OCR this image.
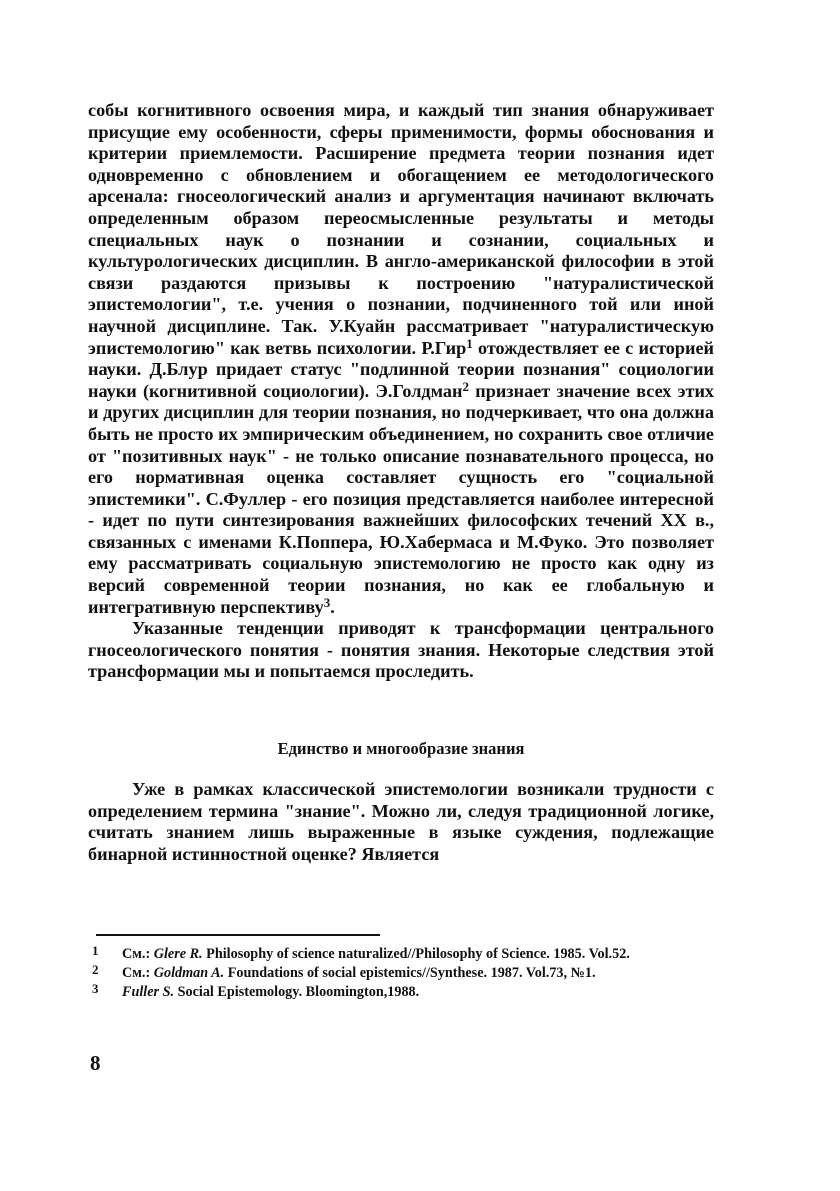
собы когнитивного освоения мира, и каждый тип знания обнаруживает присущие ему особенности, сферы применимости, формы обоснования и критерии приемлемости. Расширение предмета теории познания идет одновременно с обновлением и обогащением ее методологического арсенала: гносеологический анализ и аргументация начинают включать определенным образом переосмысленные результаты и методы специальных наук о познании и сознании, социальных и культурологических дисциплин. В англо-американской философии в этой связи раздаются призывы к построению "натуралистической эпистемологии", т.е. учения о познании, подчиненного той или иной научной дисциплине. Так. У.Куайн рассматривает "натуралистическую эпистемологию" как ветвь психологии. Р.Гир$^1$ отождествляет ее с историей науки. Д.Блур придает статус "подлинной теории познания" социологии науки (когнитивной социологии). Э.Голдман$^2$ признает значение всех этих и других дисциплин для теории познания, но подчеркивает, что она должна быть не просто их эмпирическим объединением, но сохранить свое отличие от "позитивных наук" - не только описание познавательного процесса, но его нормативная оценка составляет сущность его "социальной эпистемики". С.Фуллер - его позиция представляется наиболее интересной - идет по пути синтезирования важнейших философских течений XX в., связанных с именами К.Поппера, Ю.Хабермаса и М.Фуко. Это позволяет ему рассматривать социальную эпистемологию не просто как одну из версий современной теории познания, но как ее глобальную и интегративную перспективу$^3$.

Указанные тенденции приводят к трансформации центрального гносеологического понятия - понятия знания. Некоторые следствия этой трансформации мы и попытаемся проследить.

Единство и многообразие знания

Уже в рамках классической эпистемологии возникали трудности с определением термина "знание". Можно ли, следуя традиционной логике, считать знанием лишь выраженные в языке суждения, подлежащие бинарной истинностной оценке? Является

1	См.: Glere R. Philosophy of science naturalized//Philosophy of Science. 1985. Vol.52.
2	См.: Goldman A. Foundations of social epistemics//Synthese. 1987. Vol.73, №1.
3	Fuller S. Social Epistemology. Bloomington,1988.
8
